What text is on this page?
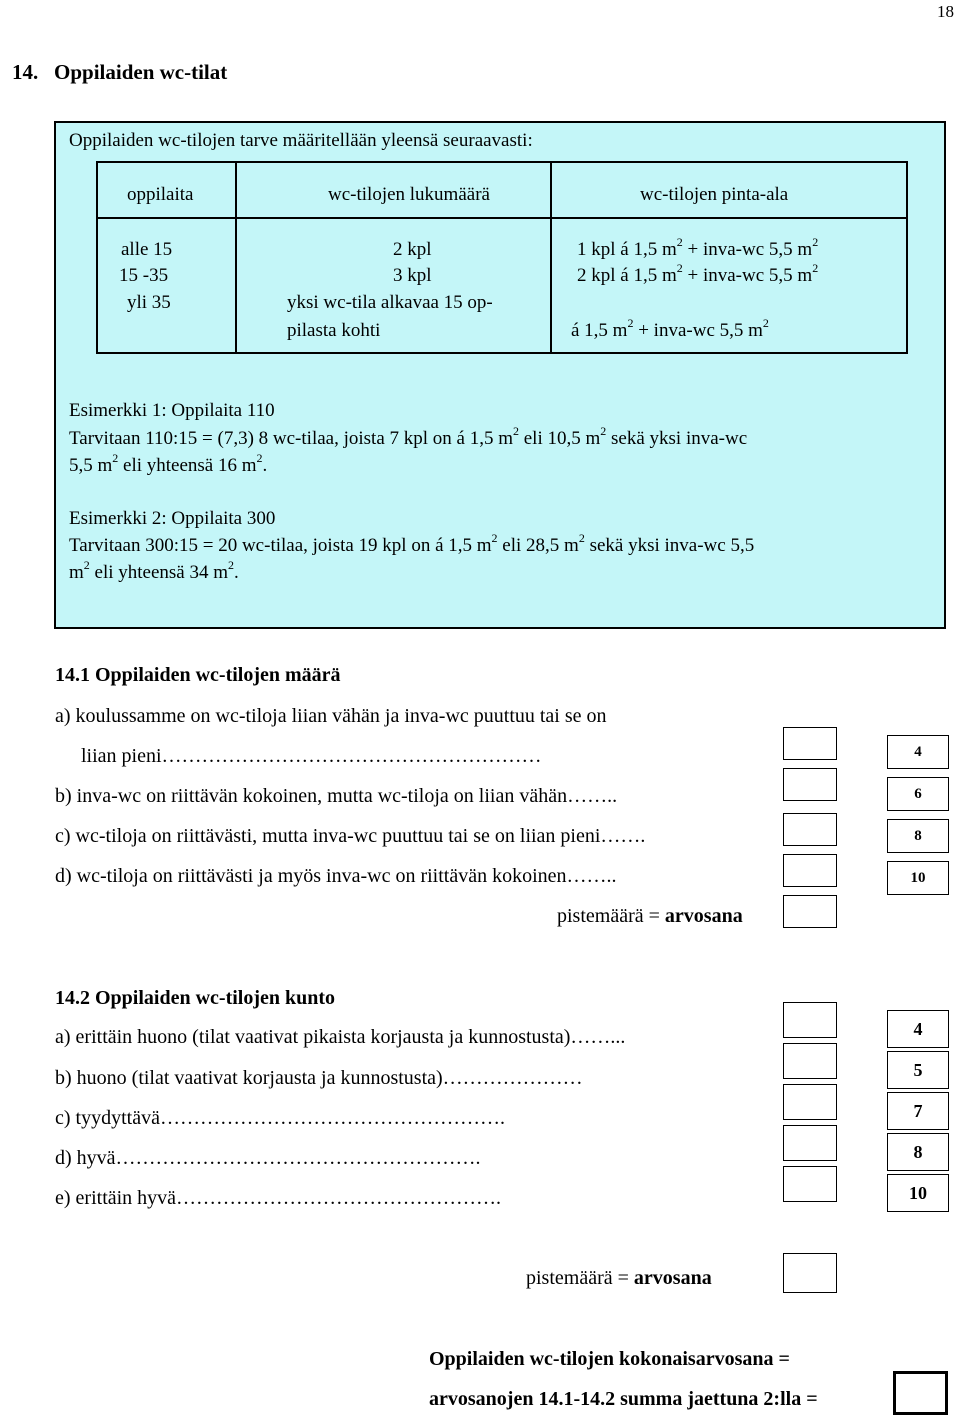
18
14. Oppilaiden wc-tilat
Oppilaiden wc-tilojen tarve määritellään yleensä seuraavasti:
oppilaita	wc-tilojen lukumäärä	wc-tilojen pinta-ala
alle 15
15 -35
yli 35
2 kpl
3 kpl
yksi wc-tila alkavaa 15 op-
pilasta kohti
1 kpl á 1,5 $m^2$ + inva-wc 5,5 $m^2$
2 kpl á 1,5 $m^2$ + inva-wc 5,5 $m^2$
á 1,5 $m^2$ + inva-wc 5,5 $m^2$
Esimerkki 1: Oppilaita 110
Tarvitaan 110:15 = (7,3) 8 wc-tilaa, joista 7 kpl on á 1,5 $m^2$ eli 10,5 $m^2$ sekä yksi inva-wc
5,5 $m^2$ eli yhteensä 16 $m^2$.
Esimerkki 2: Oppilaita 300
Tarvitaan 300:15 = 20 wc-tilaa, joista 19 kpl on á 1,5 $m^2$ eli 28,5 $m^2$ sekä yksi inva-wc 5,5
$m^2$ eli yhteensä 34 $m^2$.
14.1 Oppilaiden wc-tilojen määrä
a) koulussamme on wc-tiloja liian vähän ja inva-wc puuttuu tai se on
liian pieni…………………………………………………
b) inva-wc on riittävän kokoinen, mutta wc-tiloja on liian vähän……..
c) wc-tiloja on riittävästi, mutta inva-wc puuttuu tai se on liian pieni…….
d) wc-tiloja on riittävästi ja myös inva-wc on riittävän kokoinen……..
4
6
8
10
pistemäärä = arvosana
14.2 Oppilaiden wc-tilojen kunto
a) erittäin huono (tilat vaativat pikaista korjausta ja kunnostusta)……...
b) huono (tilat vaativat korjausta ja kunnostusta)…………………
c) tyydyttävä…………………………………………….
d) hyvä……………………………………………….
e) erittäin hyvä………………………………………….
4
5
7
8
10
pistemäärä = arvosana
Oppilaiden wc-tilojen kokonaisarvosana =
arvosanojen 14.1-14.2 summa jaettuna 2:lla =
